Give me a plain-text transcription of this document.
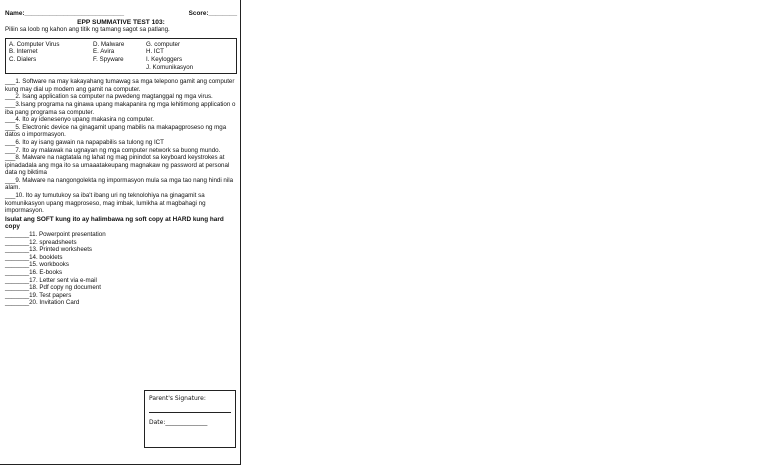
Name:____________________________	Score:________
EPP SUMMATIVE TEST 103:
Piliin sa loob ng kahon ang titik ng tamang sagot sa patlang.
A. Computer Virus	D. Malware	G. computer
B. Internet	E. Avira	H. ICT
C. Dialers	F. Spyware	I. Keyloggers
J. Komunikasyon

___1. Software na may kakayahang tumawag sa mga telepono gamit ang computer kung may dial up modem ang gamit na computer.

___2. Isang application sa computer na pwedeng magtanggal ng mga virus.

___3.Isang programa na ginawa upang makapanira ng mga lehitimong application o iba pang programa sa computer.

___4. Ito ay idenesenyo upang makasira ng computer.

___5. Electronic device na ginagamit upang mabilis na makapagproseso ng mga datos o impormasyon.

___6. Ito ay isang gawain na napapabilis sa tulong ng ICT

___7. Ito ay malawak na ugnayan ng mga computer network sa buong mundo.

___8. Malware na nagtatala ng lahat ng mag pinindot sa keyboard keystrokes at ipinadadala ang mga ito sa umaaatakeupang magnakaw ng password at personal data ng biktima

___9. Malware na nangongolekta ng impormasyon mula sa mga tao nang hindi nila alam.

___10. Ito ay tumutukoy sa iba't ibang uri ng teknolohiya na ginagamit sa komunikasyon upang magproseso, mag imbak, lumikha at magbahagi ng impormasyon.

Isulat ang SOFT kung ito ay halimbawa ng soft copy at HARD kung hard copy

_______11. Powerpoint presentation

_______12. spreadsheets

_______13. Printed worksheets

_______14. booklets

_______15. workbooks

_______16. E-books

_______17. Letter sent via e-mail

_______18. Pdf copy ng document

_______19. Test papers

_______20. Invitation Card

Parent's Signature:
Date:______________
